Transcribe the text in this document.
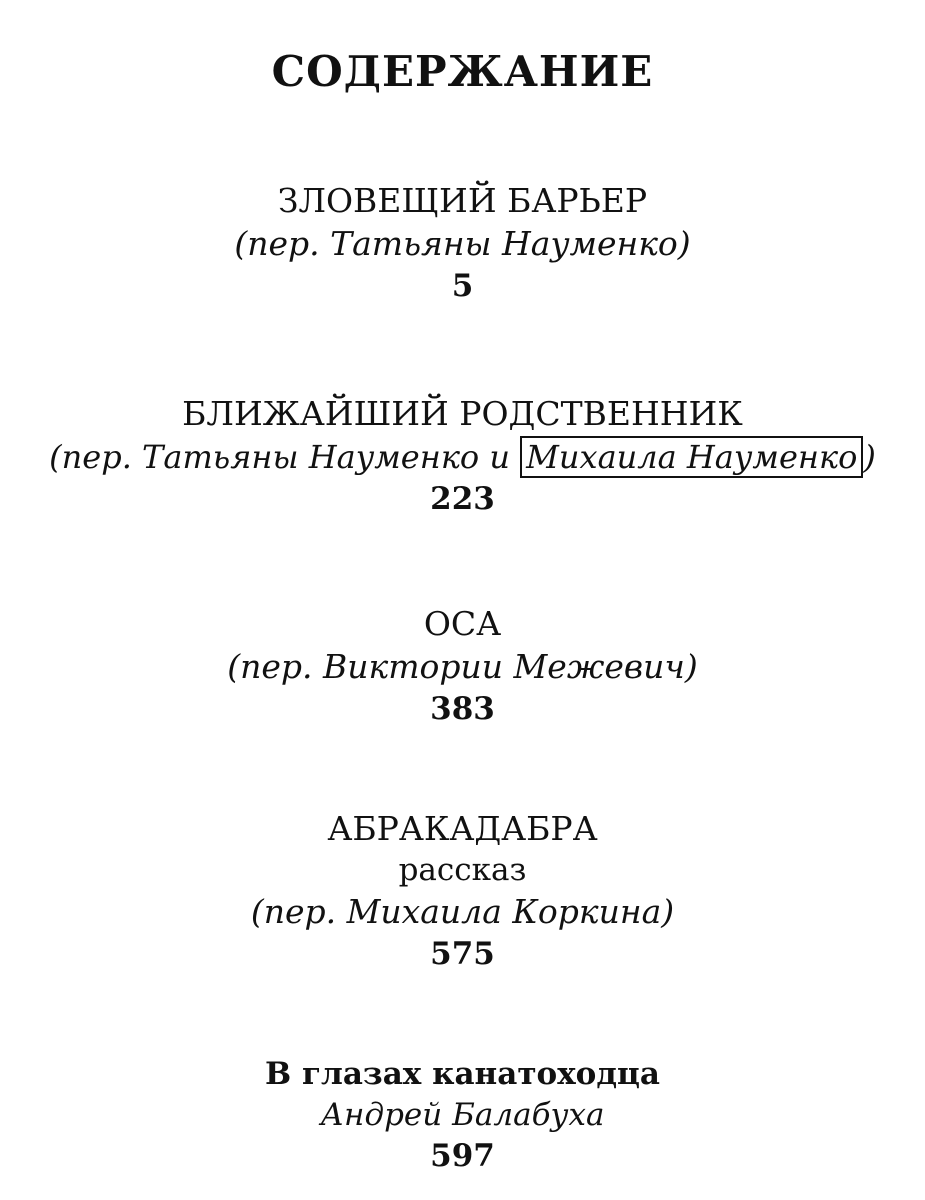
СОДЕРЖАНИЕ
ЗЛОВЕЩИЙ БАРЬЕР
(пер. Татьяны Науменко)
5
БЛИЖАЙШИЙ РОДСТВЕННИК
(пер. Татьяны Науменко и Михаила Науменко )
223
ОСА
(пер. Виктории Межевич)
383
АБРАКАДАБРА
рассказ
(пер. Михаила Коркина)
575
В глазах канатоходца
Андрей Балабуха
597
